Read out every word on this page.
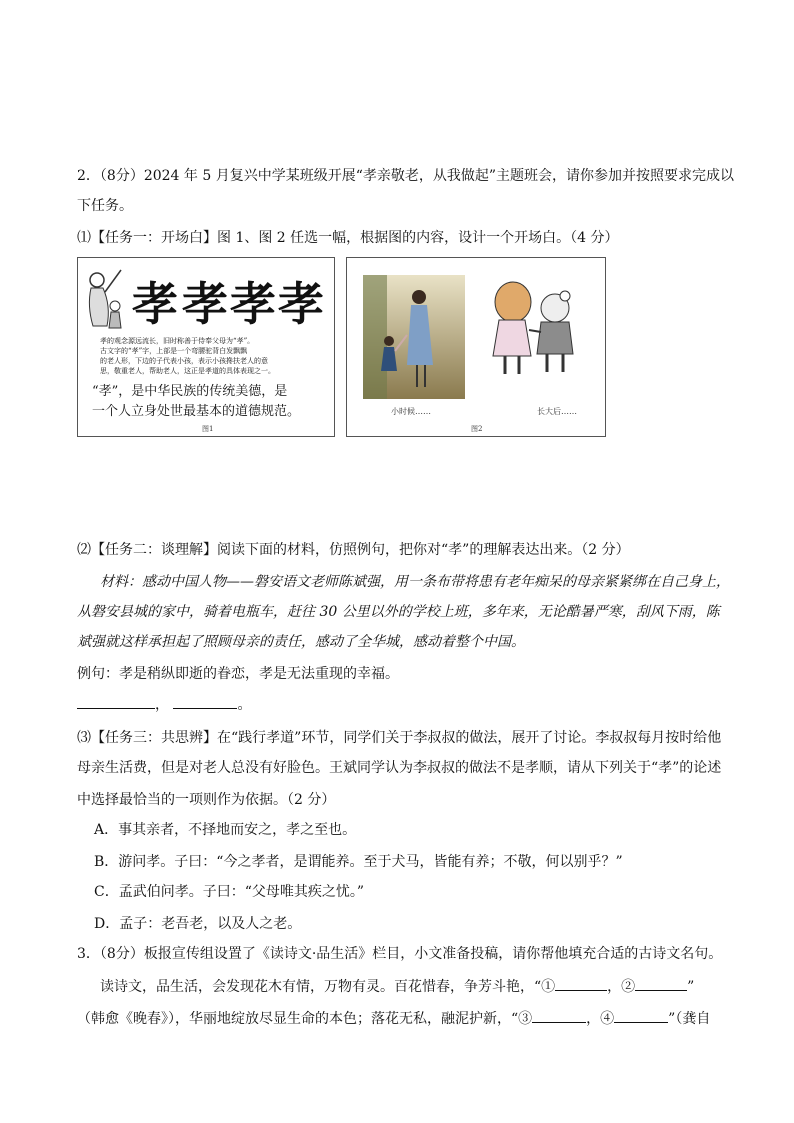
2．（8分）2024 年 5 月复兴中学某班级开展“孝亲敬老，从我做起”主题班会，请你参加并按照要求完成以
下任务。
⑴【任务一：开场白】图 1、图 2 任选一幅，根据图的内容，设计一个开场白。（4 分）
孝 孝 孝 孝
孝的观念源远流长，旧时称善于侍奉父母为“孝”。
古文字的“孝”字，上部是一个弯腰驼背白发飘飘
的老人形，下边的子代表小孩，表示小孩搀扶老人的意
思，敬重老人，帮助老人，这正是孝道的具体表现之一。
“孝”，是中华民族的传统美德，是
一个人立身处世最基本的道德规范。
图1
小时候……	长大后……
图2
⑵【任务二：谈理解】阅读下面的材料，仿照例句，把你对“孝”的理解表达出来。（2 分）
材料：感动中国人物——磐安语文老师陈斌强，用一条布带将患有老年痴呆的母亲紧紧绑在自己身上，
从磐安县城的家中，骑着电瓶车，赶往 30 公里以外的学校上班，多年来，无论酷暑严寒，刮风下雨，陈
斌强就这样承担起了照顾母亲的责任，感动了全华城，感动着整个中国。
例句：孝是稍纵即逝的眷恋，孝是无法重现的幸福。
，	。
⑶【任务三：共思辨】在“践行孝道”环节，同学们关于李叔叔的做法，展开了讨论。李叔叔每月按时给他
母亲生活费，但是对老人总没有好脸色。王斌同学认为李叔叔的做法不是孝顺，请从下列关于“孝”的论述
中选择最恰当的一项则作为依据。（2 分）
A．事其亲者，不择地而安之，孝之至也。
B．游问孝。子曰：“今之孝者，是谓能养。至于犬马，皆能有养；不敬，何以别乎？”
C．孟武伯问孝。子曰：“父母唯其疾之忧。”
D．孟子：老吾老，以及人之老。
3．（8分）板报宣传组设置了《读诗文·品生活》栏目，小文准备投稿，请你帮他填充合适的古诗文名句。
读诗文，品生活，会发现花木有情，万物有灵。百花惜春，争芳斗艳，“①	，②	”
（韩愈《晚春》），华丽地绽放尽显生命的本色；落花无私，融泥护新，“③	，④	”（龚自
